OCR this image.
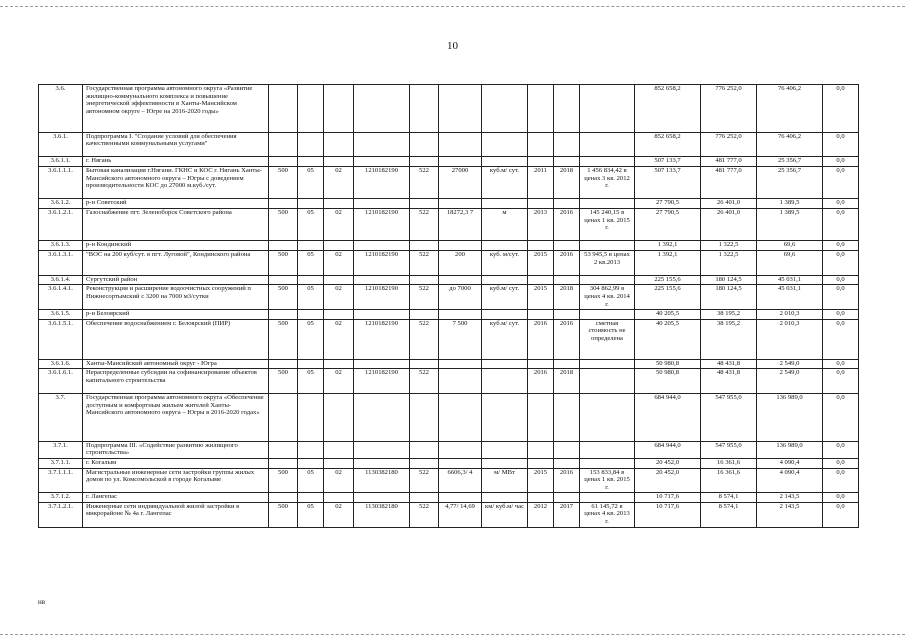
10
3.6.	Государственная программа автономного округа «Развитие жилищно-коммунального комплекса и повышение энергетической эффективности в Ханты-Мансийском автономном округе – Югре на 2016-2020 годы»											852 658,2	776 252,0	76 406,2	0,0
3.6.1.	Подпрограмма I. "Создание условий для обеспечения качественными коммунальными услугами"											852 658,2	776 252,0	76 406,2	0,0
3.6.1.1.	г. Нягань											507 133,7	481 777,0	25 356,7	0,0
3.6.1.1.1.	Бытовая канализация г.Нягани. ГКНС и КОС г. Нягань Ханты-Мансийского автономного округа – Югры с доведением производительности КОС до 27000 м.куб./сут.	500	05	02	1210182190	522	27000	куб.м/ сут.	2011	2018	1 456 834,42 в ценах 3 кв. 2012 г.	507 133,7	481 777,0	25 356,7	0,0
3.6.1.2.	р-н Советский											27 790,5	26 401,0	1 389,5	0,0
3.6.1.2.1.	Газоснабжение пгт. Зеленоборск Советского района	500	05	02	1210182190	522	18272,3 7	м	2013	2016	145 240,15 в ценах 1 кв. 2015 г.	27 790,5	26 401,0	1 389,5	0,0
3.6.1.3.	р-н Кондинский											1 392,1	1 322,5	69,6	0,0
3.6.1.3.1.	"ВОС на 200 куб/сут. в пгт. Луговой", Кондинского района	500	05	02	1210182190	522	200	куб. м/сут.	2015	2016	53 945,5 в ценах 2 кв.2013	1 392,1	1 322,5	69,6	0,0
3.6.1.4.	Сургутский район											225 155,6	180 124,5	45 031,1	0,0
3.6.1.4.1.	Реконструкция и расширение водоочистных сооружений п Нижнесортымский с 3200 на 7000 м3/сутки	500	05	02	1210182190	522	до 7000	куб.м/ сут.	2015	2018	304 862,99 в ценах 4 кв. 2014 г.	225 155,6	180 124,5	45 031,1	0,0
3.6.1.5.	р-н Белоярский											40 205,5	38 195,2	2 010,3	0,0
3.6.1.5.1.	Обеспечение водоснабжением г. Белоярский (ПИР)	500	05	02	1210182190	522	7 500	куб.м/ сут.	2016	2016	сметная стоимость не определена	40 205,5	38 195,2	2 010,3	0,0
3.6.1.6.	Ханты-Мансийский автономный округ - Югра											50 980,8	48 431,8	2 549,0	0,0
3.6.1.6.1.	Нераспределенные субсидии на софинансирование объектов капитального строительства	500	05	02	1210182190	522			2016	2018		50 980,8	48 431,8	2 549,0	0,0
3.7.	Государственная программа автономного округа «Обеспечение доступным и комфортным жильем жителей Ханты-Мансийского автономного округа – Югры в 2016-2020 годах»											684 944,0	547 955,0	136 989,0	0,0
3.7.1.	Подпрограмма III. «Содействие развитию жилищного строительства»											684 944,0	547 955,0	136 989,0	0,0
3.7.1.1.	г. Когалым											20 452,0	16 361,6	4 090,4	0,0
3.7.1.1.1.	Магистральные инженерные сети застройки группы жилых домов по ул. Комсомольской в городе Когалыме	500	05	02	1130382180	522	6606,3/ 4	м/ МВт	2015	2016	153 833,84 в ценах 1 кв. 2015 г.	20 452,0	16 361,6	4 090,4	0,0
3.7.1.2.	г. Лангепас											10 717,6	8 574,1	2 143,5	0,0
3.7.1.2.1.	Инженерные сети индивидуальной жилой застройки в микрорайоне № 4а г. Лангепас	500	05	02	1130382180	522	4,77/ 14,69	км/ куб.м/ час	2012	2017	61 145,72 в ценах 4 кв. 2013 г.	10 717,6	8 574,1	2 143,5	0,0
нв
